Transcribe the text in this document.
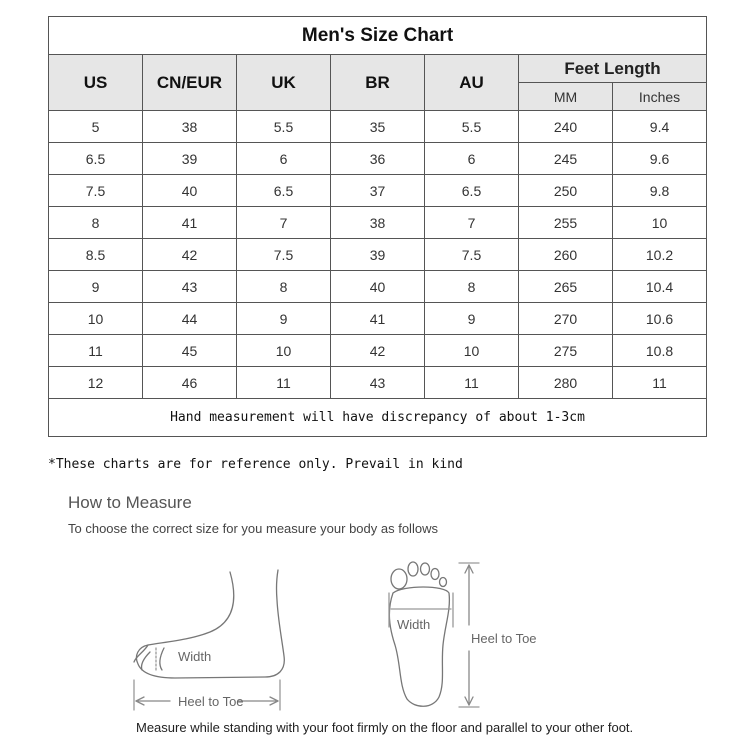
Men's Size Chart						
US	CN/EUR	UK	BR	AU	Feet Length	
					MM	Inches
5	38	5.5	35	5.5	240	9.4
6.5	39	6	36	6	245	9.6
7.5	40	6.5	37	6.5	250	9.8
8	41	7	38	7	255	10
8.5	42	7.5	39	7.5	260	10.2
9	43	8	40	8	265	10.4
10	44	9	41	9	270	10.6
11	45	10	42	10	275	10.8
12	46	11	43	11	280	11
Hand measurement will have discrepancy of about 1-3cm						
*These charts are for reference only. Prevail in kind
How to Measure
To choose the correct size for you measure your body as follows
Width
Heel to Toe
Width
Heel to Toe
Measure while standing with your foot firmly on the floor and parallel to your other foot.
